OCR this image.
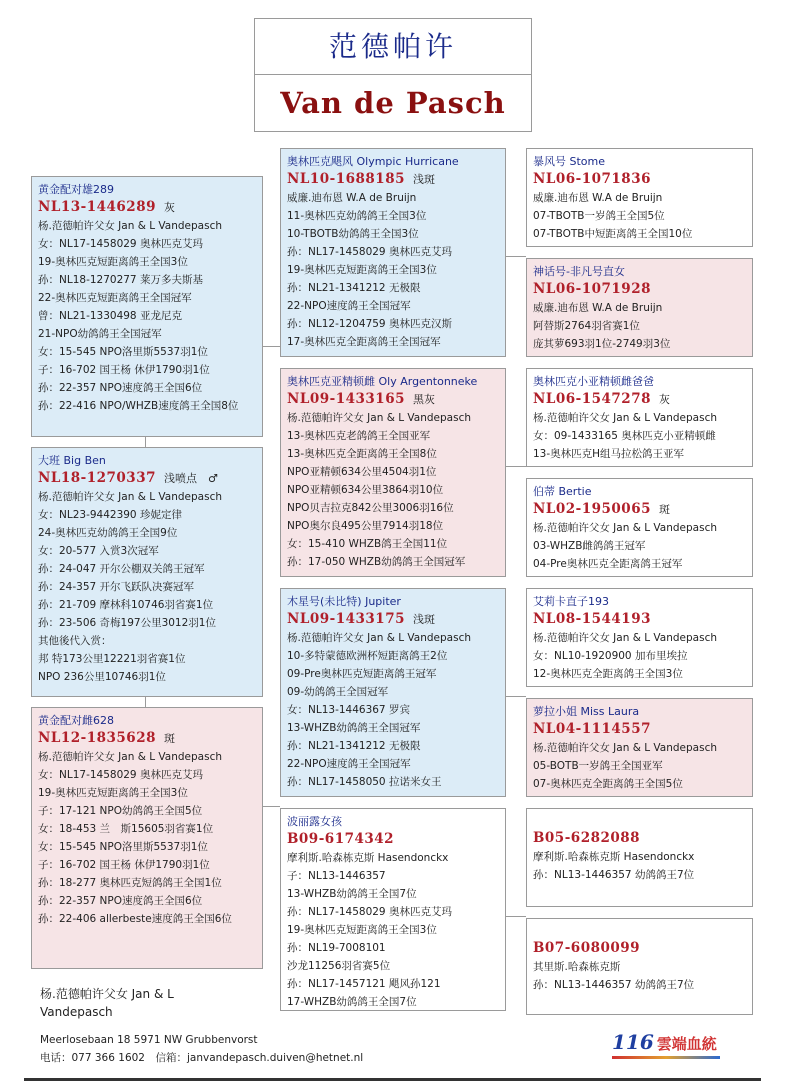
范德帕许
Van de Pasch
黄金配对雄289
NL13-1446289 灰
杨.范德帕许父女 Jan & L Vandepasch
女：NL17-1458029 奥林匹克艾玛
19-奥林匹克短距离鸽王全国3位
孙：NL18-1270277 莱万多夫斯基
22-奥林匹克短距离鸽王全国冠军
曾：NL21-1330498 亚龙尼克
21-NPO幼鸽鸽王全国冠军
女：15-545 NPO洛里斯5537羽1位
子：16-702 国王杨 休伊1790羽1位
孙：22-357 NPO速度鸽王全国6位
孙：22-416 NPO/WHZB速度鸽王全国8位
大班 Big Ben
NL18-1270337 浅喷点　♂
杨.范德帕许父女 Jan & L Vandepasch
女：NL23-9442390 珍妮定律
24-奥林匹克幼鸽鸽王全国9位
女：20-577 入赏3次冠军
孙：24-047 开尔公棚双关鸽王冠军
孙：24-357 开尔飞跃队决赛冠军
孙：21-709 摩林科10746羽省赛1位
孙：23-506 奇梅197公里3012羽1位
其他後代入赏：
邦 特173公里12221羽省赛1位
NPO 236公里10746羽1位
黄金配对雌628
NL12-1835628 斑
杨.范德帕许父女 Jan & L Vandepasch
女：NL17-1458029 奥林匹克艾玛
19-奥林匹克短距离鸽王全国3位
子：17-121 NPO幼鸽鸽王全国5位
女：18-453 兰　斯15605羽省赛1位
女：15-545 NPO洛里斯5537羽1位
子：16-702 国王杨 休伊1790羽1位
孙：18-277 奥林匹克短鸽鸽王全国1位
孙：22-357 NPO速度鸽王全国6位
孙：22-406 allerbeste速度鸽王全国6位
奥林匹克飓风 Olympic Hurricane
NL10-1688185 浅斑
威廉.迪布恩 W.A de Bruijn
11-奥林匹克幼鸽鸽王全国3位
10-TBOTB幼鸽鸽王全国3位
孙：NL17-1458029 奥林匹克艾玛
19-奥林匹克短距离鸽王全国3位
孙：NL21-1341212 无极限
22-NPO速度鸽王全国冠军
孙：NL12-1204759 奥林匹克汉斯
17-奥林匹克全距离鸽王全国冠军
奥林匹克亚精顿雌 Oly Argentonneke
NL09-1433165 黑灰
杨.范德帕许父女 Jan & L Vandepasch
13-奥林匹克老鸽鸽王全国亚军
13-奥林匹克全距离鸽王全国8位
NPO亚精顿634公里4504羽1位
NPO亚精顿634公里3864羽10位
NPO贝吉拉克842公里3006羽16位
NPO奥尔良495公里7914羽18位
女：15-410 WHZB鸽王全国11位
孙：17-050 WHZB幼鸽鸽王全国冠军
木星号(未比特) Jupiter
NL09-1433175 浅斑
杨.范德帕许父女 Jan & L Vandepasch
10-多特蒙德欧洲杯短距离鸽王2位
09-Pre奥林匹克短距离鸽王冠军
09-幼鸽鸽王全国冠军
女：NL13-1446367 罗宾
13-WHZB幼鸽鸽王全国冠军
孙：NL21-1341212 无极限
22-NPO速度鸽王全国冠军
孙：NL17-1458050 拉诺米女王
波丽露女孩
B09-6174342
摩利斯.哈森栋克斯 Hasendonckx
子：NL13-1446357
13-WHZB幼鸽鸽王全国7位
孙：NL17-1458029 奥林匹克艾玛
19-奥林匹克短距离鸽王全国3位
孙：NL19-7008101
沙龙11256羽省赛5位
孙：NL17-1457121 飓风孙121
17-WHZB幼鸽鸽王全国7位
暴风号 Stome
NL06-1071836
威廉.迪布恩 W.A de Bruijn
07-TBOTB一岁鸽王全国5位
07-TBOTB中短距离鸽王全国10位
神话号-非凡号直女
NL06-1071928
威廉.迪布恩 W.A de Bruijn
阿替斯2764羽省赛1位
庞其萝693羽1位-2749羽3位
奥林匹克小亚精顿雌爸爸
NL06-1547278 灰
杨.范德帕许父女 Jan & L Vandepasch
女：09-1433165 奥林匹克小亚精顿雌
13-奥林匹克H组马拉松鸽王亚军
伯蒂 Bertie
NL02-1950065 斑
杨.范德帕许父女 Jan & L Vandepasch
03-WHZB雌鸽鸽王冠军
04-Pre奥林匹克全距离鸽王冠军
艾莉卡直子193
NL08-1544193
杨.范德帕许父女 Jan & L Vandepasch
女：NL10-1920900 加布里埃拉
12-奥林匹克全距离鸽王全国3位
萝拉小姐 Miss Laura
NL04-1114557
杨.范德帕许父女 Jan & L Vandepasch
05-BOTB一岁鸽王全国亚军
07-奥林匹克全距离鸽王全国5位
B05-6282088
摩利斯.哈森栋克斯 Hasendonckx
孙：NL13-1446357 幼鸽鸽王7位
B07-6080099
其里斯.哈森栋克斯
孙：NL13-1446357 幼鸽鸽王7位
杨.范德帕许父女 Jan & L Vandepasch
Meerlosebaan 18 5971 NW Grubbenvorst
电话：077 366 1602　信箱：janvandepasch.duiven@hetnet.nl
116 雲端血統
